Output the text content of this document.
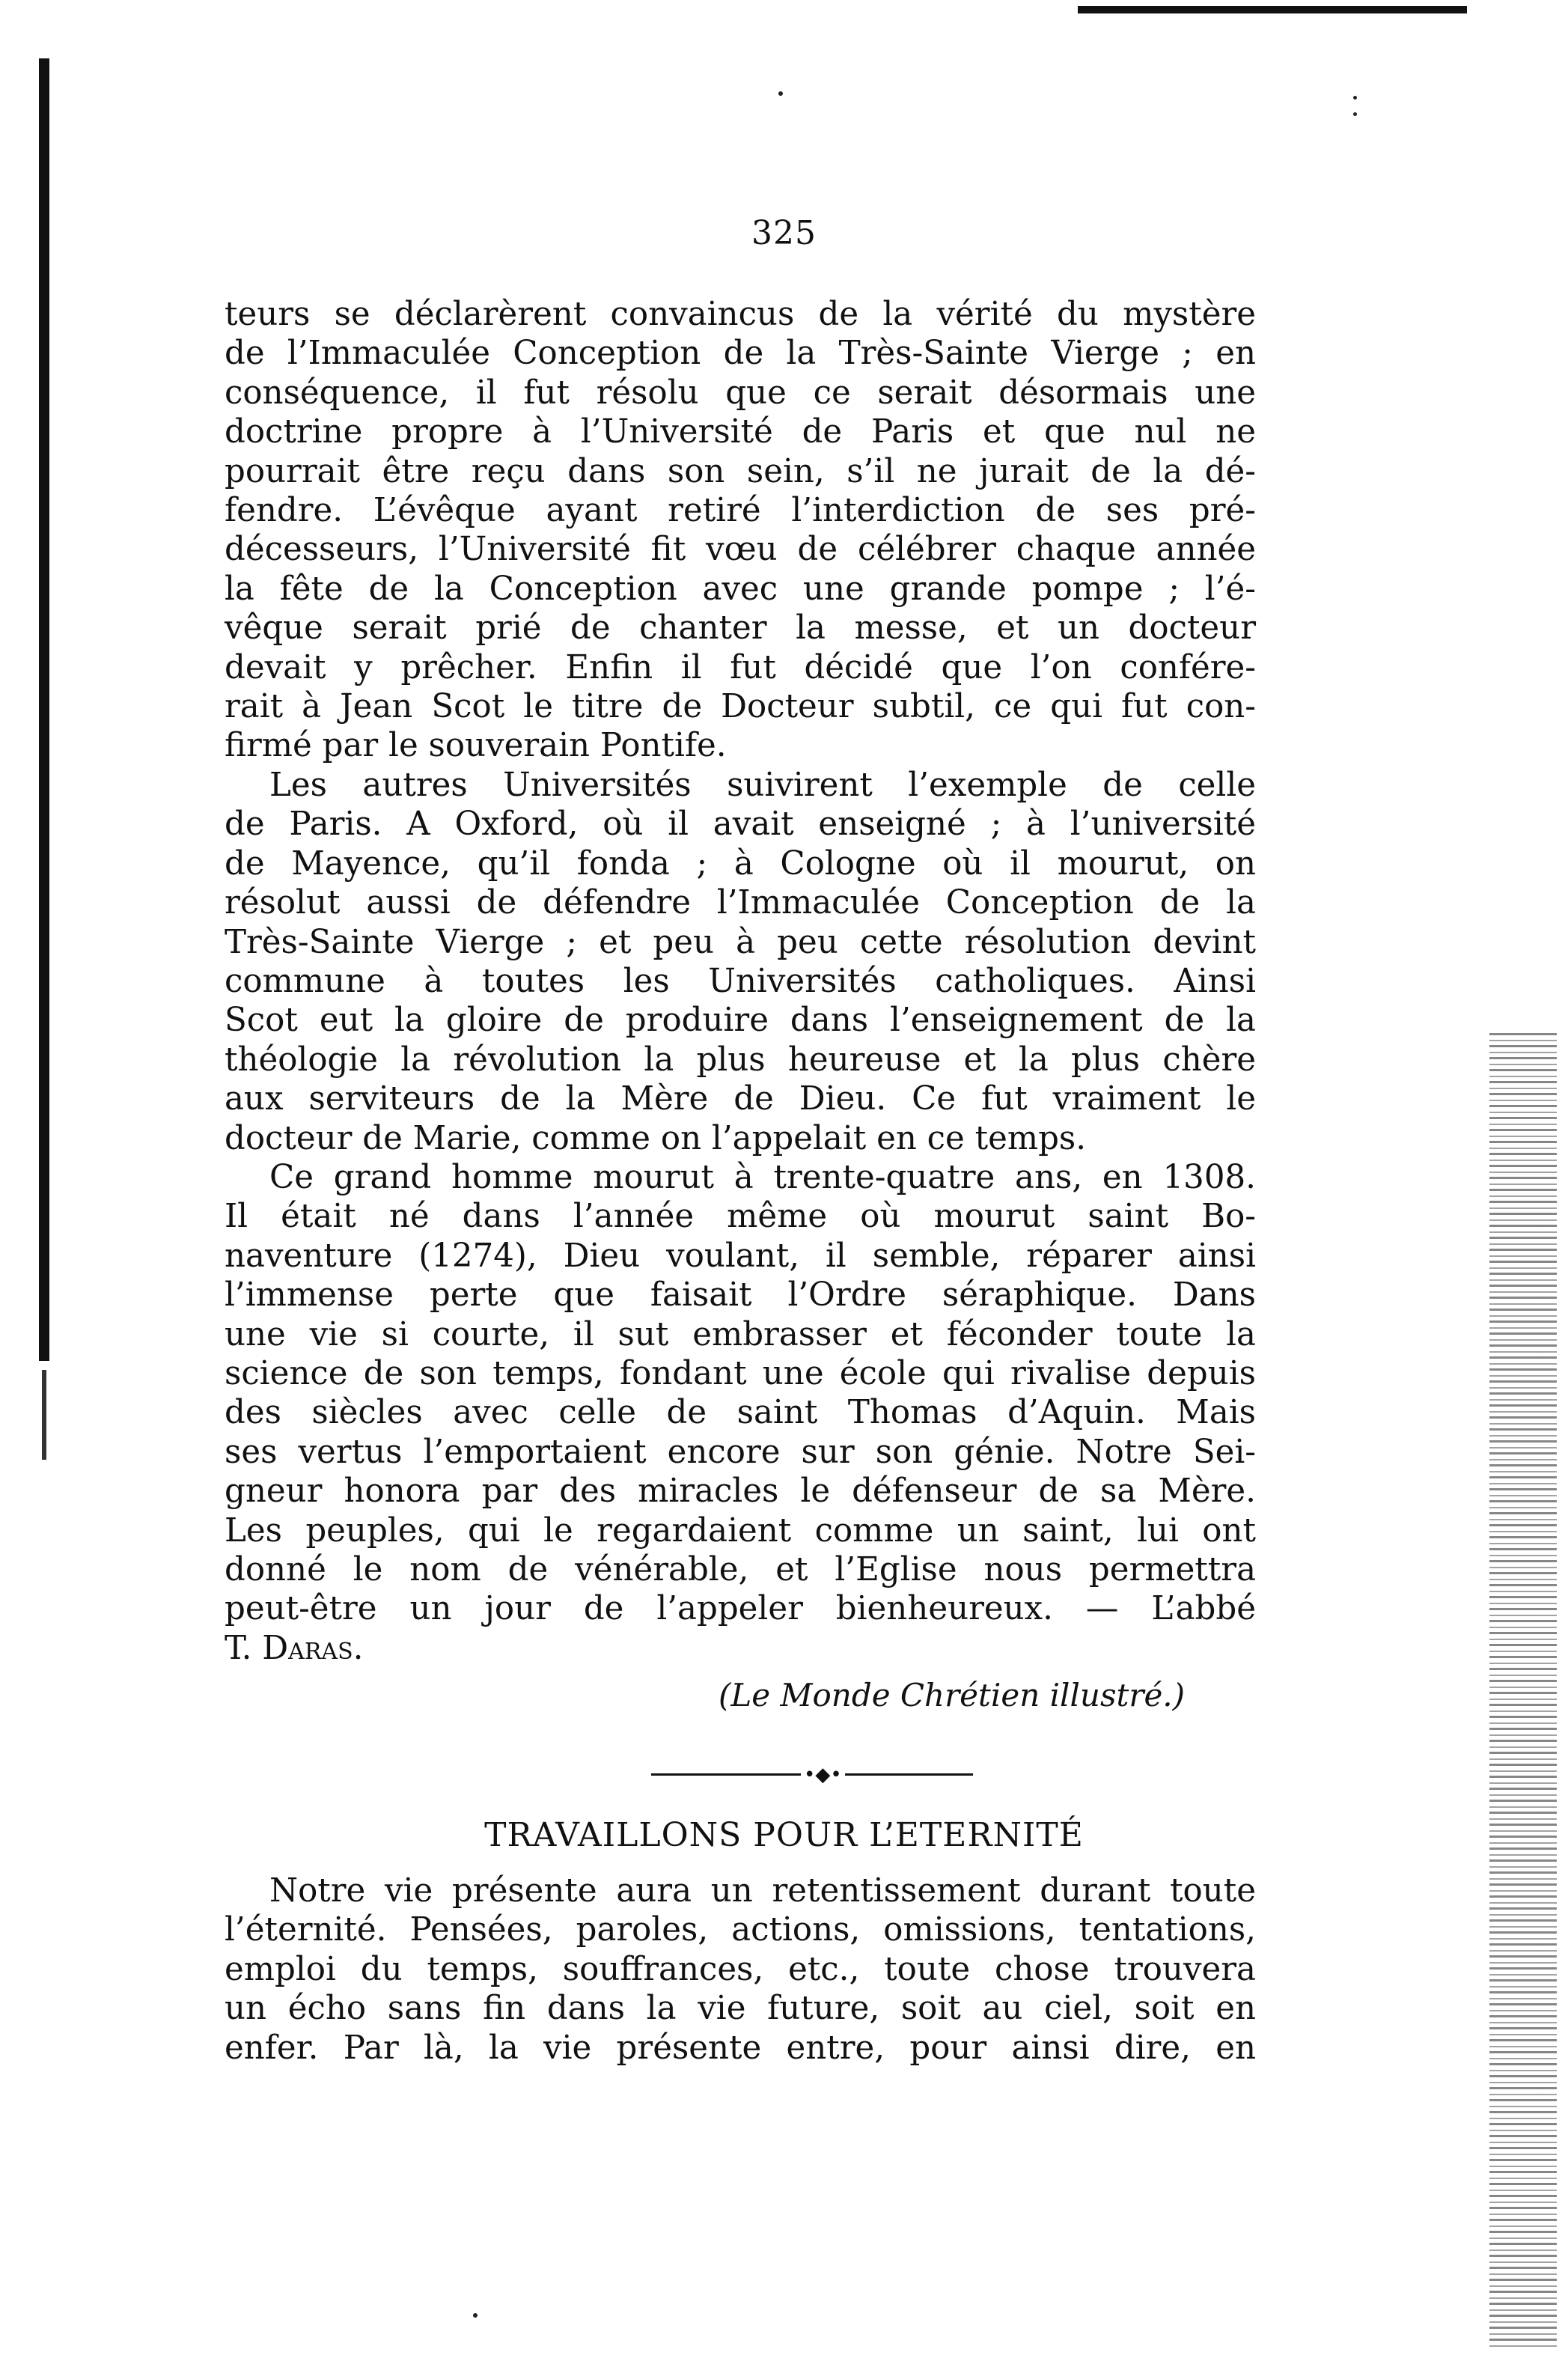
325
teurs se déclarèrent convaincus de la vérité du mystère
de l’Immaculée Conception de la Très-Sainte Vierge ; en
conséquence, il fut résolu que ce serait désormais une
doctrine propre à l’Université de Paris et que nul ne
pourrait être reçu dans son sein, s’il ne jurait de la dé-
fendre. L’évêque ayant retiré l’interdiction de ses pré-
décesseurs, l’Université fit vœu de célébrer chaque année
la fête de la Conception avec une grande pompe ; l’é-
vêque serait prié de chanter la messe, et un docteur
devait y prêcher. Enfin il fut décidé que l’on confére-
rait à Jean Scot le titre de Docteur subtil, ce qui fut con-
firmé par le souverain Pontife.
Les autres Universités suivirent l’exemple de celle
de Paris. A Oxford, où il avait enseigné ; à l’université
de Mayence, qu’il fonda ; à Cologne où il mourut, on
résolut aussi de défendre l’Immaculée Conception de la
Très-Sainte Vierge ; et peu à peu cette résolution devint
commune à toutes les Universités catholiques. Ainsi
Scot eut la gloire de produire dans l’enseignement de la
théologie la révolution la plus heureuse et la plus chère
aux serviteurs de la Mère de Dieu. Ce fut vraiment le
docteur de Marie, comme on l’appelait en ce temps.
Ce grand homme mourut à trente-quatre ans, en 1308.
Il était né dans l’année même où mourut saint Bo-
naventure (1274), Dieu voulant, il semble, réparer ainsi
l’immense perte que faisait l’Ordre séraphique. Dans
une vie si courte, il sut embrasser et féconder toute la
science de son temps, fondant une école qui rivalise depuis
des siècles avec celle de saint Thomas d’Aquin. Mais
ses vertus l’emportaient encore sur son génie. Notre Sei-
gneur honora par des miracles le défenseur de sa Mère.
Les peuples, qui le regardaient comme un saint, lui ont
donné le nom de vénérable, et l’Eglise nous permettra
peut-être un jour de l’appeler bienheureux. — L’abbé
T. Daras.
(Le Monde Chrétien illustré.)
•◆•
TRAVAILLONS POUR L’ETERNITÉ
Notre vie présente aura un retentissement durant toute
l’éternité. Pensées, paroles, actions, omissions, tentations,
emploi du temps, souffrances, etc., toute chose trouvera
un écho sans fin dans la vie future, soit au ciel, soit en
enfer. Par là, la vie présente entre, pour ainsi dire, en
